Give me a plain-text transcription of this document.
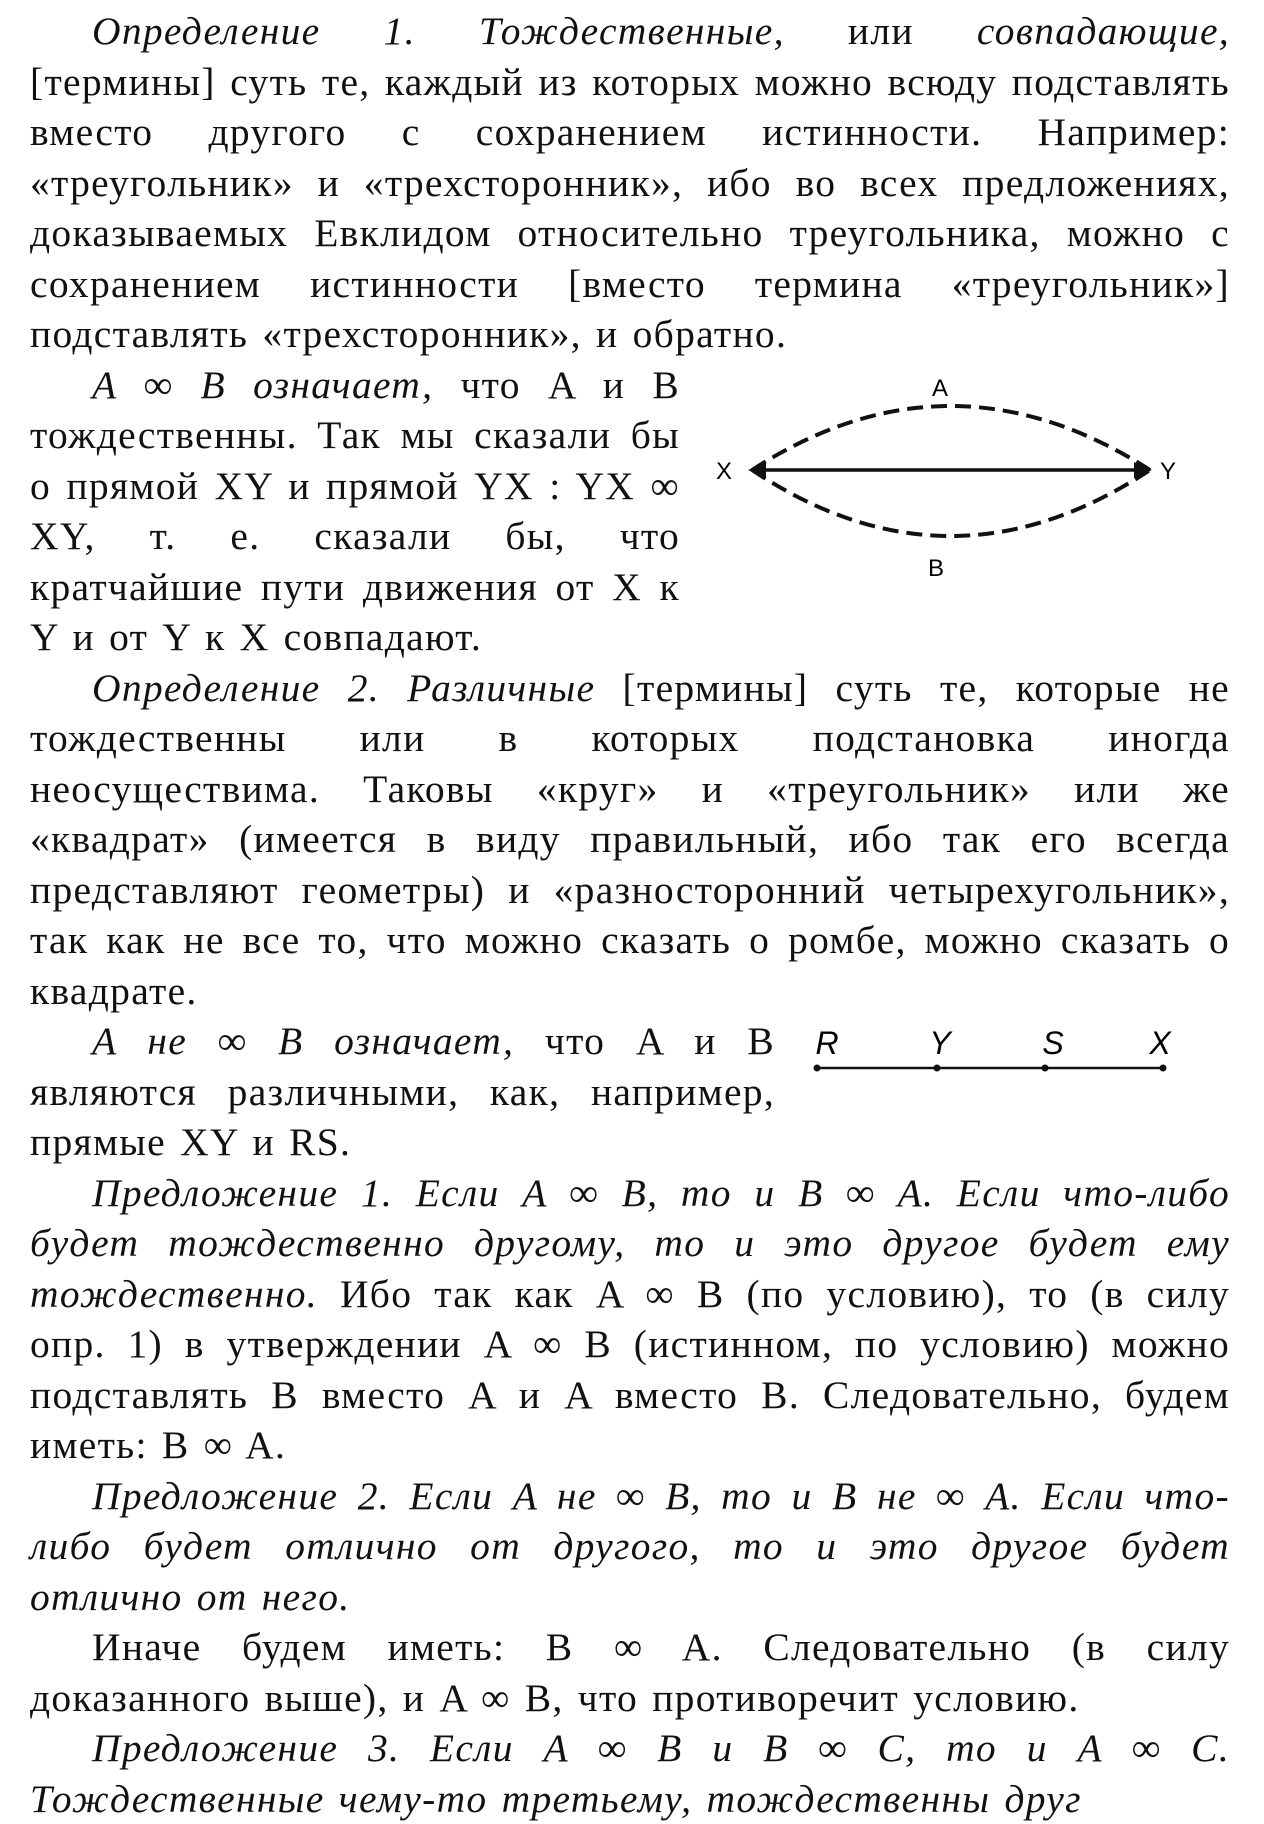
Определение 1. Тождественные, или совпадающие, [термины] суть те, каждый из которых можно всюду подставлять вместо другого с сохранением истинности. Например: «треугольник» и «трехсторонник», ибо во всех предложениях, доказываемых Евклидом относительно треугольника, можно с сохранением истинности [вместо термина «треугольник»] подставлять «трехсторонник», и обратно.

A
B
X	Y

A ∞ B означает, что A и B тождественны. Так мы сказали бы о прямой XY и прямой YX : YX ∞ XY, т. е. сказали бы, что кратчайшие пути движения от X к Y и от Y к X совпадают.

Определение 2. Различные [термины] суть те, которые не тождественны или в которых подстановка иногда неосуществима. Таковы «круг» и «треугольник» или же «квадрат» (имеется в виду правильный, ибо так его всегда представляют геометры) и «разносторонний четырехугольник», так как не все то, что можно сказать о ромбе, можно сказать о квадрате.

R	Y	S	X

A не ∞ B означает, что A и B являются различными, как, например, прямые XY и RS.

Предложение 1. Если A ∞ B, то и B ∞ A. Если что-либо будет тождественно другому, то и это другое будет ему тождественно. Ибо так как A ∞ B (по условию), то (в силу опр. 1) в утверждении A ∞ B (истинном, по условию) можно подставлять B вместо A и A вместо B. Следовательно, будем иметь: B ∞ A.

Предложение 2. Если A не ∞ B, то и B не ∞ A. Если что-либо будет отлично от другого, то и это другое будет отлично от него.

Иначе будем иметь: B ∞ A. Следовательно (в силу доказанного выше), и A ∞ B, что противоречит условию.

Предложение 3. Если A ∞ B и B ∞ C, то и A ∞ C. Тождественные чему-то третьему, тождественны друг
